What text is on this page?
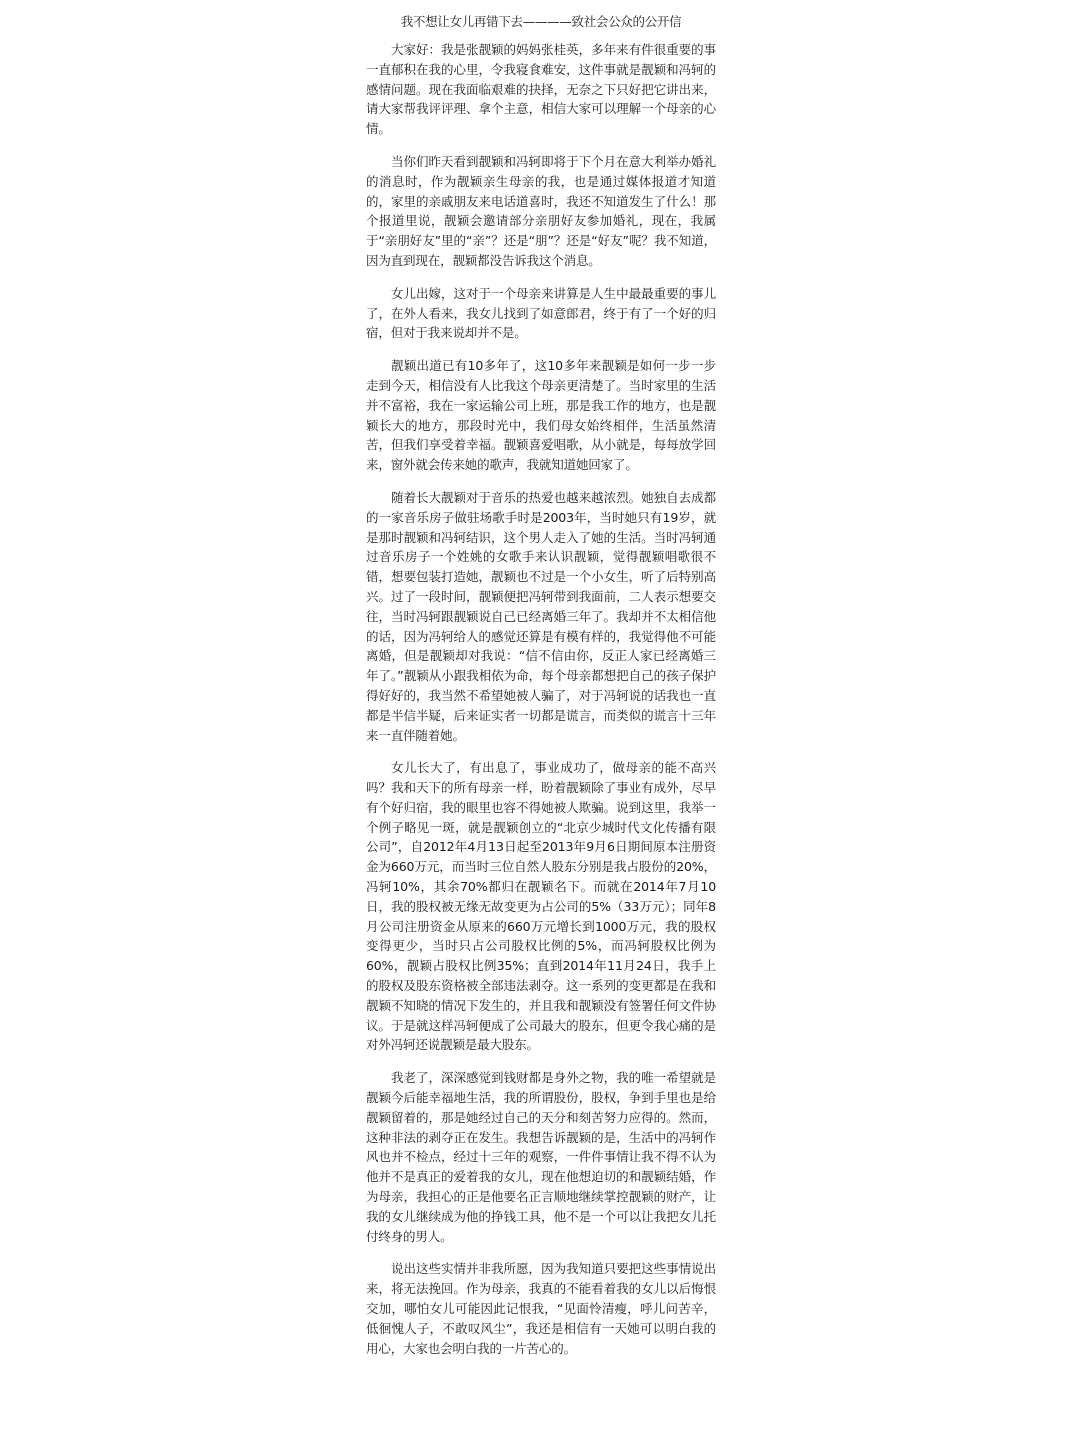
我不想让女儿再错下去————致社会公众的公开信

大家好：我是张靓颖的妈妈张桂英，多年来有件很重要的事一直郁积在我的心里，令我寝食难安，这件事就是靓颖和冯轲的感情问题。现在我面临艰难的抉择，无奈之下只好把它讲出来，请大家帮我评评理、拿个主意，相信大家可以理解一个母亲的心情。

当你们昨天看到靓颖和冯轲即将于下个月在意大利举办婚礼的消息时，作为靓颖亲生母亲的我，也是通过媒体报道才知道的，家里的亲戚朋友来电话道喜时，我还不知道发生了什么！那个报道里说，靓颖会邀请部分亲朋好友参加婚礼，现在，我属于“亲朋好友”里的“亲”？还是“朋”？还是“好友”呢？我不知道，因为直到现在，靓颖都没告诉我这个消息。

女儿出嫁，这对于一个母亲来讲算是人生中最最重要的事儿了，在外人看来，我女儿找到了如意郎君，终于有了一个好的归宿，但对于我来说却并不是。

靓颖出道已有10多年了，这10多年来靓颖是如何一步一步走到今天，相信没有人比我这个母亲更清楚了。当时家里的生活并不富裕，我在一家运输公司上班，那是我工作的地方，也是靓颖长大的地方，那段时光中，我们母女始终相伴，生活虽然清苦，但我们享受着幸福。靓颖喜爱唱歌，从小就是，每每放学回来，窗外就会传来她的歌声，我就知道她回家了。

随着长大靓颖对于音乐的热爱也越来越浓烈。她独自去成都的一家音乐房子做驻场歌手时是2003年，当时她只有19岁，就是那时靓颖和冯轲结识，这个男人走入了她的生活。当时冯轲通过音乐房子一个姓姚的女歌手来认识靓颖，觉得靓颖唱歌很不错，想要包装打造她，靓颖也不过是一个小女生，听了后特别高兴。过了一段时间，靓颖便把冯轲带到我面前，二人表示想要交往，当时冯轲跟靓颖说自己已经离婚三年了。我却并不太相信他的话，因为冯轲给人的感觉还算是有模有样的，我觉得他不可能离婚，但是靓颖却对我说：“信不信由你，反正人家已经离婚三年了。”靓颖从小跟我相依为命，每个母亲都想把自己的孩子保护得好好的，我当然不希望她被人骗了，对于冯轲说的话我也一直都是半信半疑，后来证实者一切都是谎言，而类似的谎言十三年来一直伴随着她。

女儿长大了，有出息了，事业成功了，做母亲的能不高兴吗？我和天下的所有母亲一样，盼着靓颖除了事业有成外，尽早有个好归宿，我的眼里也容不得她被人欺骗。说到这里，我举一个例子略见一斑，就是靓颖创立的“北京少城时代文化传播有限公司”，自2012年4月13日起至2013年9月6日期间原本注册资金为660万元，而当时三位自然人股东分别是我占股份的20%，冯轲10%，其余70%都归在靓颖名下。而就在2014年7月10日，我的股权被无缘无故变更为占公司的5%（33万元）；同年8月公司注册资金从原来的660万元增长到1000万元，我的股权变得更少，当时只占公司股权比例的5%，而冯轲股权比例为60%，靓颖占股权比例35%；直到2014年11月24日，我手上的股权及股东资格被全部违法剥夺。这一系列的变更都是在我和靓颖不知晓的情况下发生的，并且我和靓颖没有签署任何文件协议。于是就这样冯轲便成了公司最大的股东，但更令我心痛的是对外冯轲还说靓颖是最大股东。

我老了，深深感觉到钱财都是身外之物，我的唯一希望就是靓颖今后能幸福地生活，我的所谓股份，股权，争到手里也是给靓颖留着的，那是她经过自己的天分和刻苦努力应得的。然而，这种非法的剥夺正在发生。我想告诉靓颖的是，生活中的冯轲作风也并不检点，经过十三年的观察，一件件事情让我不得不认为他并不是真正的爱着我的女儿，现在他想迫切的和靓颖结婚，作为母亲，我担心的正是他要名正言顺地继续掌控靓颖的财产，让我的女儿继续成为他的挣钱工具，他不是一个可以让我把女儿托付终身的男人。

说出这些实情并非我所愿，因为我知道只要把这些事情说出来，将无法挽回。作为母亲，我真的不能看着我的女儿以后悔恨交加，哪怕女儿可能因此记恨我，“见面怜清瘦，呼儿问苦辛，低徊愧人子，不敢叹风尘”，我还是相信有一天她可以明白我的用心，大家也会明白我的一片苦心的。
